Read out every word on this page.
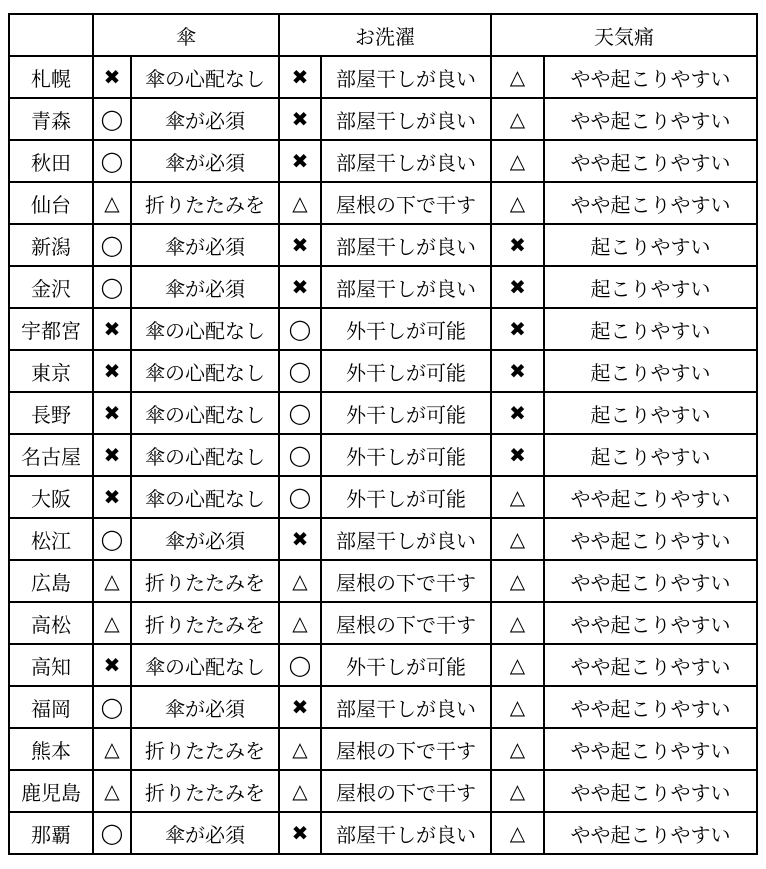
	傘		お洗濯		天気痛	
札幌	✖	傘の心配なし	✖	部屋干しが良い	△	やや起こりやすい
青森	◯	傘が必須	✖	部屋干しが良い	△	やや起こりやすい
秋田	◯	傘が必須	✖	部屋干しが良い	△	やや起こりやすい
仙台	△	折りたたみを	△	屋根の下で干す	△	やや起こりやすい
新潟	◯	傘が必須	✖	部屋干しが良い	✖	起こりやすい
金沢	◯	傘が必須	✖	部屋干しが良い	✖	起こりやすい
宇都宮	✖	傘の心配なし	◯	外干しが可能	✖	起こりやすい
東京	✖	傘の心配なし	◯	外干しが可能	✖	起こりやすい
長野	✖	傘の心配なし	◯	外干しが可能	✖	起こりやすい
名古屋	✖	傘の心配なし	◯	外干しが可能	✖	起こりやすい
大阪	✖	傘の心配なし	◯	外干しが可能	△	やや起こりやすい
松江	◯	傘が必須	✖	部屋干しが良い	△	やや起こりやすい
広島	△	折りたたみを	△	屋根の下で干す	△	やや起こりやすい
高松	△	折りたたみを	△	屋根の下で干す	△	やや起こりやすい
高知	✖	傘の心配なし	◯	外干しが可能	△	やや起こりやすい
福岡	◯	傘が必須	✖	部屋干しが良い	△	やや起こりやすい
熊本	△	折りたたみを	△	屋根の下で干す	△	やや起こりやすい
鹿児島	△	折りたたみを	△	屋根の下で干す	△	やや起こりやすい
那覇	◯	傘が必須	✖	部屋干しが良い	△	やや起こりやすい
